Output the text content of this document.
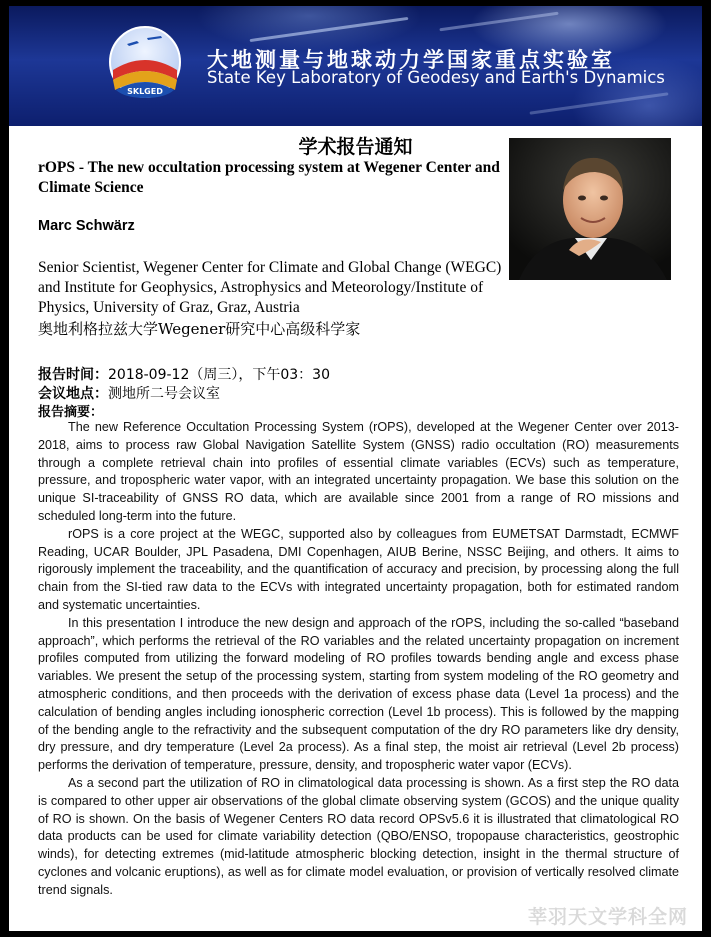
SKLGED
大地测量与地球动力学国家重点实验室
State Key Laboratory of Geodesy and Earth's Dynamics
学术报告通知
rOPS - The new occultation processing system at Wegener Center and Climate Science
Marc Schwärz
Senior Scientist, Wegener Center for Climate and Global Change (WEGC) and Institute for Geophysics, Astrophysics and Meteorology/Institute of Physics, University of Graz, Graz, Austria
奥地利格拉兹大学Wegener研究中心高级科学家
报告时间：2018-09-12（周三），下午03：30
会议地点：测地所二号会议室
报告摘要：

The new Reference Occultation Processing System (rOPS), developed at the Wegener Center over 2013-2018, aims to process raw Global Navigation Satellite System (GNSS) radio occultation (RO) measurements through a complete retrieval chain into profiles of essential climate variables (ECVs) such as temperature, pressure, and tropospheric water vapor, with an integrated uncertainty propagation. We base this solution on the unique SI-traceability of GNSS RO data, which are available since 2001 from a range of RO missions and scheduled long-term into the future.

rOPS is a core project at the WEGC, supported also by colleagues from EUMETSAT Darmstadt, ECMWF Reading, UCAR Boulder, JPL Pasadena, DMI Copenhagen, AIUB Berine, NSSC Beijing, and others. It aims to rigorously implement the traceability, and the quantification of accuracy and precision, by processing along the full chain from the SI-tied raw data to the ECVs with integrated uncertainty propagation, both for estimated random and systematic uncertainties.

In this presentation I introduce the new design and approach of the rOPS, including the so-called “baseband approach”, which performs the retrieval of the RO variables and the related uncertainty propagation on increment profiles computed from utilizing the forward modeling of RO profiles towards bending angle and excess phase variables. We present the setup of the processing system, starting from system modeling of the RO geometry and atmospheric conditions, and then proceeds with the derivation of excess phase data (Level 1a process) and the calculation of bending angles including ionospheric correction (Level 1b process). This is followed by the mapping of the bending angle to the refractivity and the subsequent computation of the dry RO parameters like dry density, dry pressure, and dry temperature (Level 2a process). As a final step, the moist air retrieval (Level 2b process) performs the derivation of temperature, pressure, density, and tropospheric water vapor (ECVs).

As a second part the utilization of RO in climatological data processing is shown. As a first step the RO data is compared to other upper air observations of the global climate observing system (GCOS) and the unique quality of RO is shown. On the basis of Wegener Centers RO data record OPSv5.6 it is illustrated that climatological RO data products can be used for climate variability detection (QBO/ENSO, tropopause characteristics, geostrophic winds), for detecting extremes (mid-latitude atmospheric blocking detection, insight in the thermal structure of cyclones and volcanic eruptions), as well as for climate model evaluation, or provision of vertically resolved climate trend signals.

莘羽天文学科全网
